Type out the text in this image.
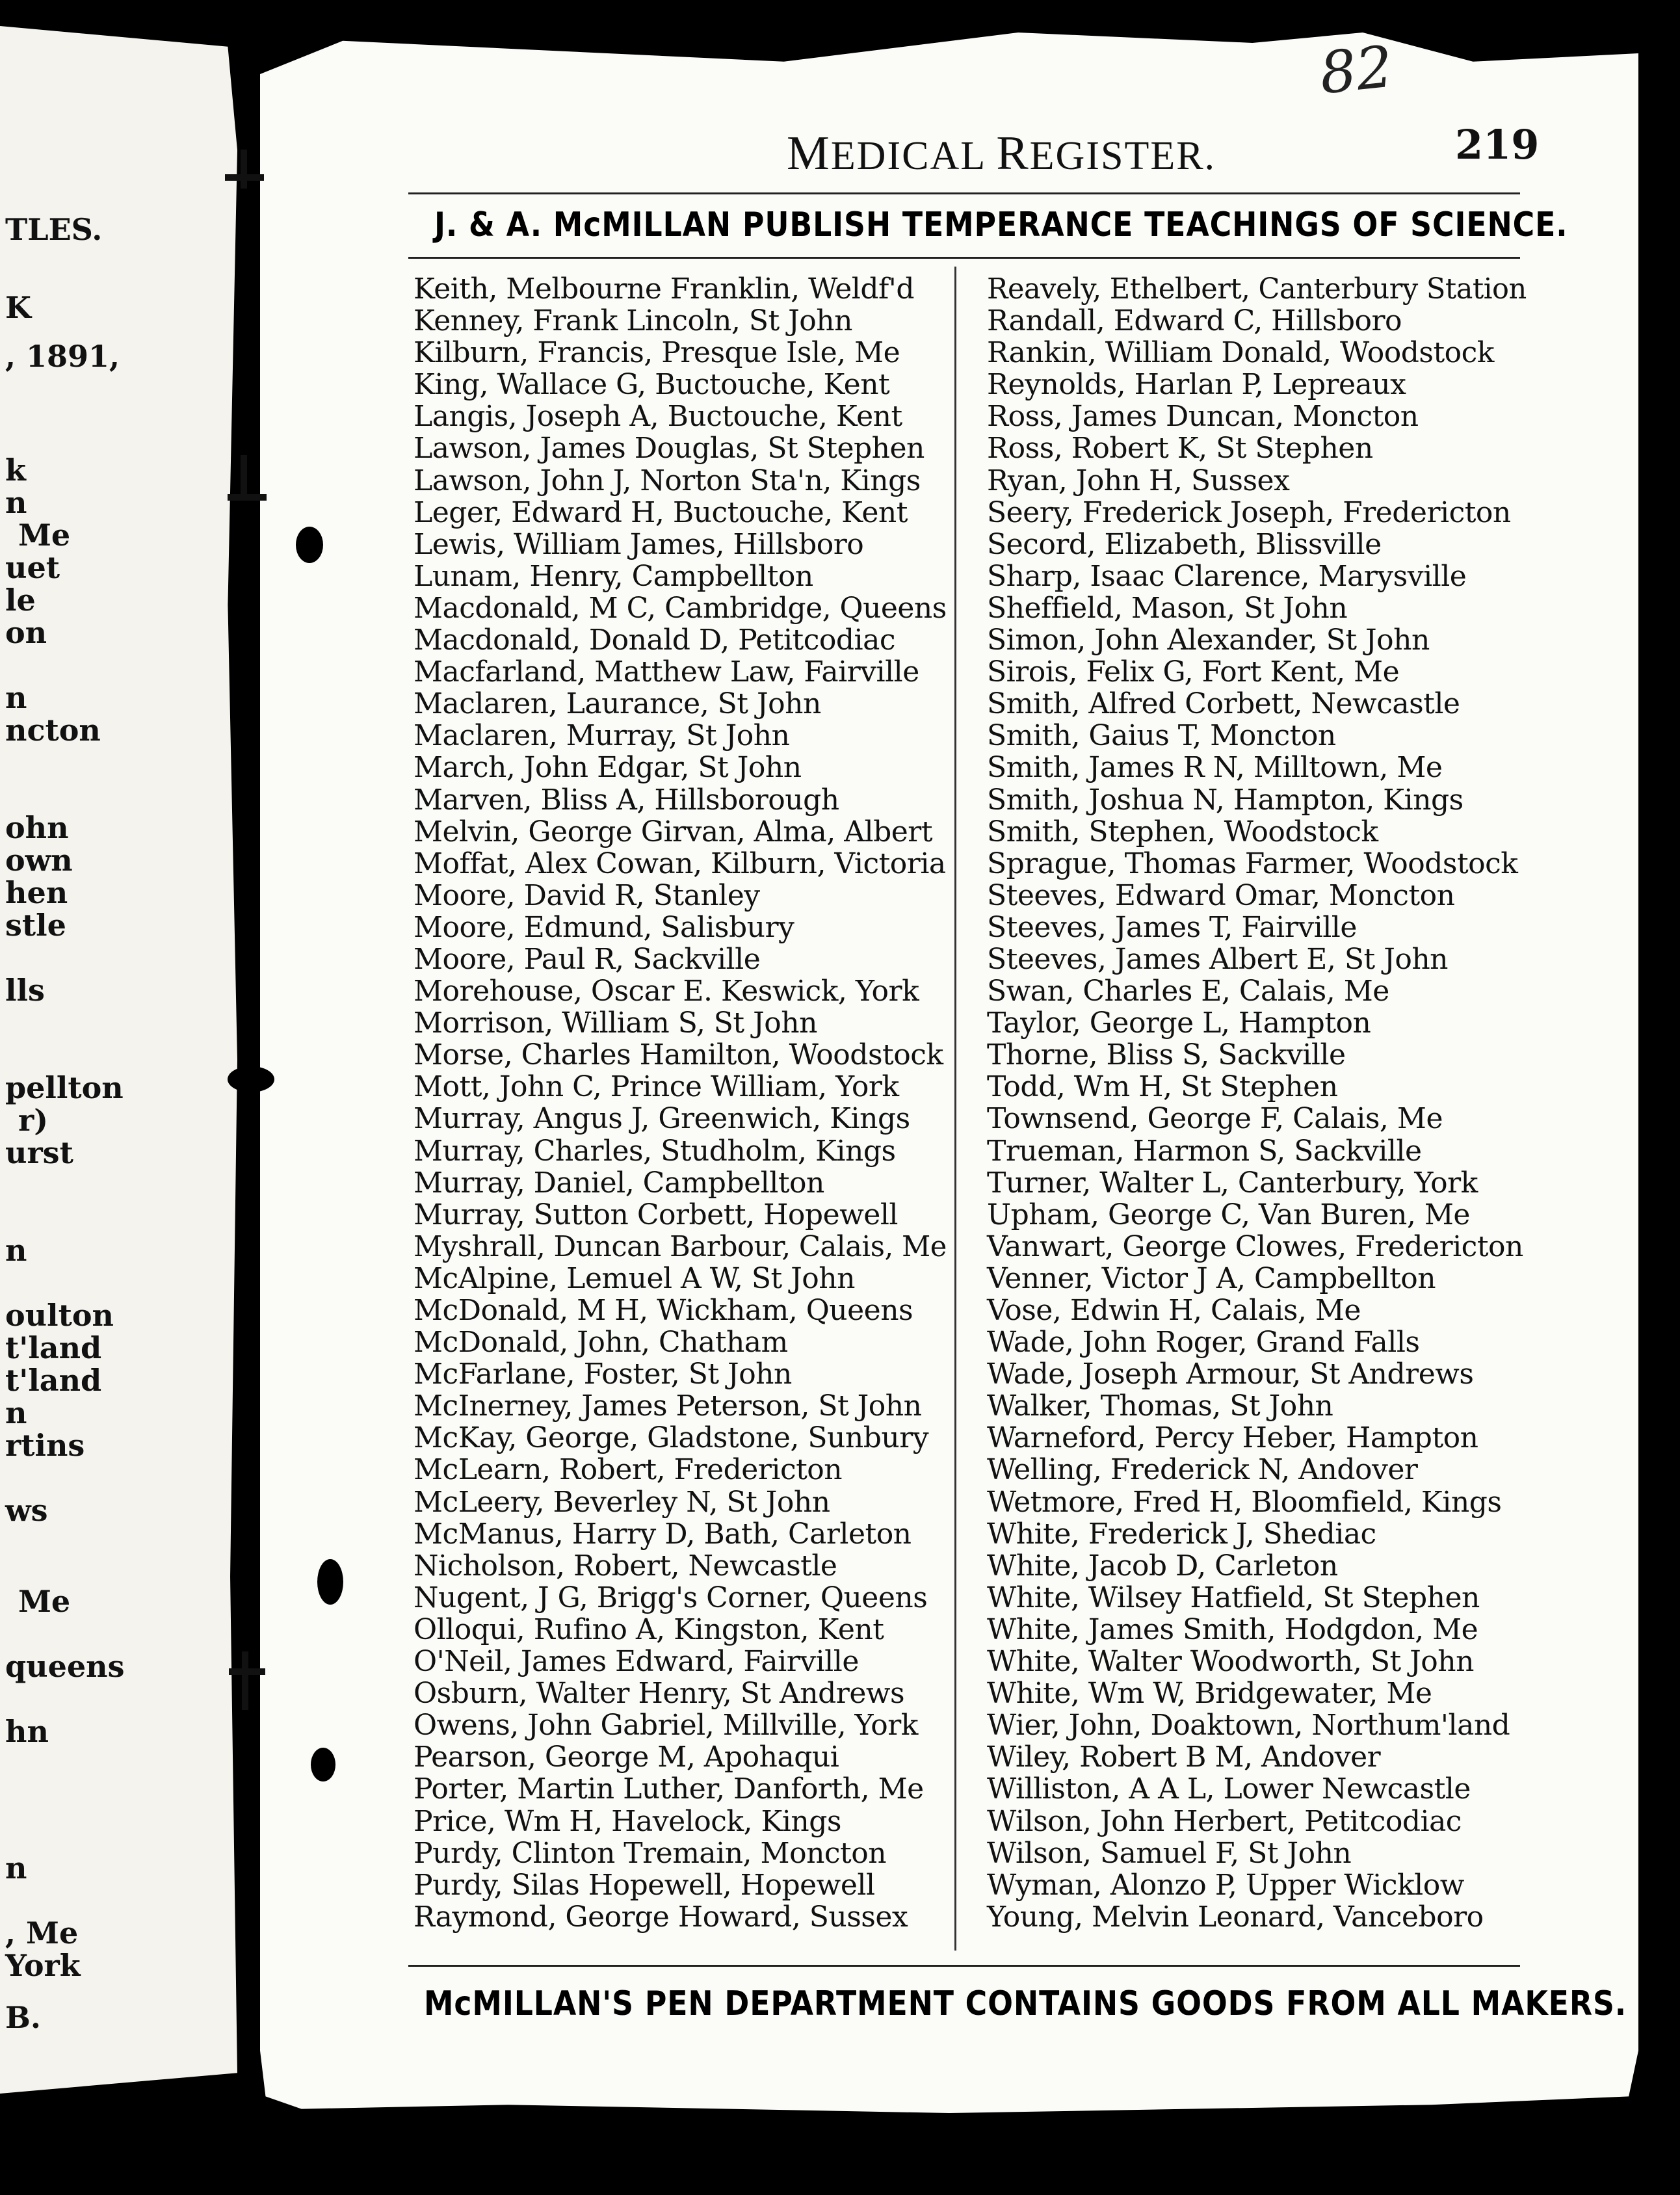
TLES.
K
, 1891,
k
n
Me
uet
le
on
n
ncton
ohn
own
hen
stle
lls
pellton
r)
urst
n
oulton
t'land
t'land
n
rtins
ws
Me
queens
hn
n
, Me
York
B.
82
MEDICAL REGISTER.	219
J. & A. McMILLAN PUBLISH TEMPERANCE TEACHINGS OF SCIENCE.
Keith, Melbourne Franklin, Weldf'd
Kenney, Frank Lincoln, St John
Kilburn, Francis, Presque Isle, Me
King, Wallace G, Buctouche, Kent
Langis, Joseph A, Buctouche, Kent
Lawson, James Douglas, St Stephen
Lawson, John J, Norton Sta'n, Kings
Leger, Edward H, Buctouche, Kent
Lewis, William James, Hillsboro
Lunam, Henry, Campbellton
Macdonald, M C, Cambridge, Queens
Macdonald, Donald D, Petitcodiac
Macfarland, Matthew Law, Fairville
Maclaren, Laurance, St John
Maclaren, Murray, St John
March, John Edgar, St John
Marven, Bliss A, Hillsborough
Melvin, George Girvan, Alma, Albert
Moffat, Alex Cowan, Kilburn, Victoria
Moore, David R, Stanley
Moore, Edmund, Salisbury
Moore, Paul R, Sackville
Morehouse, Oscar E. Keswick, York
Morrison, William S, St John
Morse, Charles Hamilton, Woodstock
Mott, John C, Prince William, York
Murray, Angus J, Greenwich, Kings
Murray, Charles, Studholm, Kings
Murray, Daniel, Campbellton
Murray, Sutton Corbett, Hopewell
Myshrall, Duncan Barbour, Calais, Me
McAlpine, Lemuel A W, St John
McDonald, M H, Wickham, Queens
McDonald, John, Chatham
McFarlane, Foster, St John
McInerney, James Peterson, St John
McKay, George, Gladstone, Sunbury
McLearn, Robert, Fredericton
McLeery, Beverley N, St John
McManus, Harry D, Bath, Carleton
Nicholson, Robert, Newcastle
Nugent, J G, Brigg's Corner, Queens
Olloqui, Rufino A, Kingston, Kent
O'Neil, James Edward, Fairville
Osburn, Walter Henry, St Andrews
Owens, John Gabriel, Millville, York
Pearson, George M, Apohaqui
Porter, Martin Luther, Danforth, Me
Price, Wm H, Havelock, Kings
Purdy, Clinton Tremain, Moncton
Purdy, Silas Hopewell, Hopewell
Raymond, George Howard, Sussex
Reavely, Ethelbert, Canterbury Station
Randall, Edward C, Hillsboro
Rankin, William Donald, Woodstock
Reynolds, Harlan P, Lepreaux
Ross, James Duncan, Moncton
Ross, Robert K, St Stephen
Ryan, John H, Sussex
Seery, Frederick Joseph, Fredericton
Secord, Elizabeth, Blissville
Sharp, Isaac Clarence, Marysville
Sheffield, Mason, St John
Simon, John Alexander, St John
Sirois, Felix G, Fort Kent, Me
Smith, Alfred Corbett, Newcastle
Smith, Gaius T, Moncton
Smith, James R N, Milltown, Me
Smith, Joshua N, Hampton, Kings
Smith, Stephen, Woodstock
Sprague, Thomas Farmer, Woodstock
Steeves, Edward Omar, Moncton
Steeves, James T, Fairville
Steeves, James Albert E, St John
Swan, Charles E, Calais, Me
Taylor, George L, Hampton
Thorne, Bliss S, Sackville
Todd, Wm H, St Stephen
Townsend, George F, Calais, Me
Trueman, Harmon S, Sackville
Turner, Walter L, Canterbury, York
Upham, George C, Van Buren, Me
Vanwart, George Clowes, Fredericton
Venner, Victor J A, Campbellton
Vose, Edwin H, Calais, Me
Wade, John Roger, Grand Falls
Wade, Joseph Armour, St Andrews
Walker, Thomas, St John
Warneford, Percy Heber, Hampton
Welling, Frederick N, Andover
Wetmore, Fred H, Bloomfield, Kings
White, Frederick J, Shediac
White, Jacob D, Carleton
White, Wilsey Hatfield, St Stephen
White, James Smith, Hodgdon, Me
White, Walter Woodworth, St John
White, Wm W, Bridgewater, Me
Wier, John, Doaktown, Northum'land
Wiley, Robert B M, Andover
Williston, A A L, Lower Newcastle
Wilson, John Herbert, Petitcodiac
Wilson, Samuel F, St John
Wyman, Alonzo P, Upper Wicklow
Young, Melvin Leonard, Vanceboro
McMILLAN'S PEN DEPARTMENT CONTAINS GOODS FROM ALL MAKERS.
